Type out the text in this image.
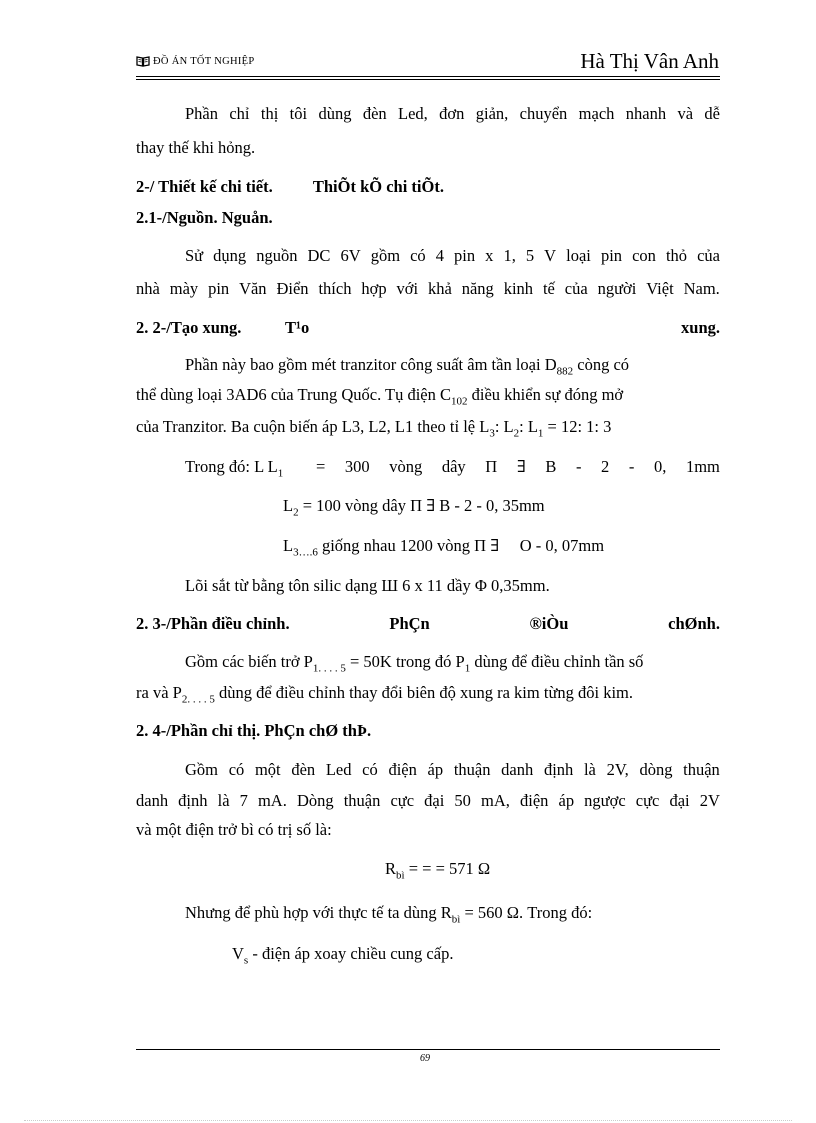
ĐỒ ÁN TỐT NGHIỆP	Hà Thị Vân Anh
Phần chỉ thị tôi dùng đèn Led, đơn giản, chuyển mạch nhanh và dễ
thay thế khi hỏng.
2-/ Thiết kế chi tiết. ThiÕt kÕ chi tiÕt.
2.1-/Nguồn. Nguån.
Sử dụng nguồn DC 6V gồm có 4 pin x 1, 5 V loại pin con thỏ của
nhà mày pin Văn Điển thích hợp với khả năng kinh tế của người Việt Nam.
2. 2-/Tạo xung.	T¹o	xung.
Phần này bao gồm mét tranzitor công suất âm tần loại $D_{882}$ còng có
thể dùng loại 3AD6 của Trung Quốc. Tụ điện $C_{102}$ điều khiển sự đóng mở
của Tranzitor. Ba cuộn biến áp L3, L2, L1 theo tỉ lệ $L_3$: $L_2$: $L_1 = 12$: 1: 3
Trong đó: L $L_1 = 300$ vòng dây Π ∃ B - 2 - 0, 1mm
$L_2 = 100$ vòng dây Π ∃ B - 2 - 0, 35mm
$L_{3\dots.6}$ giống nhau 1200 vòng Π ∃     O - 0, 07mm
Lõi sắt từ bằng tôn silic dạng Ш 6 x 11 dầy Φ 0,35mm.
2. 3-/Phần điều chỉnh.	PhÇn	®iÒu	chØnh.
Gồm các biến trở $P_{1. . . . 5} = 50K$ trong đó $P_1$ dùng để điều chỉnh tần số
ra và $P_{2. . . . 5}$ dùng để điều chỉnh thay đổi biên độ xung ra kim từng đôi kim.
2. 4-/Phần chỉ thị. PhÇn chØ thÞ.
Gồm có một đèn Led có điện áp thuận danh định là 2V, dòng thuận
danh định là 7 mA. Dòng thuận cực đại 50 mA, điện áp ngược cực đại 2V
và một điện trở bì có trị số là:
$R_{bì}$ = = = 571 Ω
Nhưng để phù hợp với thực tế ta dùng $R_{bì} = 560$ Ω. Trong đó:
$V_s$ - điện áp xoay chiều cung cấp.
69
